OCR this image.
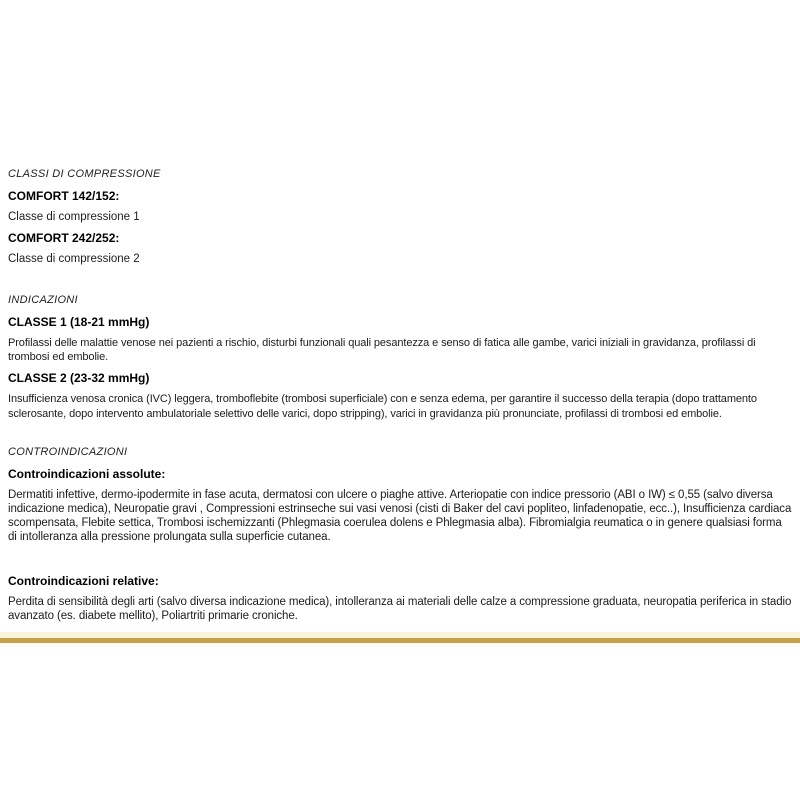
CLASSI DI COMPRESSIONE
COMFORT 142/152:
Classe di compressione 1
COMFORT 242/252:
Classe di compressione 2
INDICAZIONI
CLASSE 1 (18-21 mmHg)
Profilassi delle malattie venose nei pazienti a rischio, disturbi funzionali quali pesantezza e senso di fatica alle gambe, varici iniziali in gravidanza, profilassi di trombosi ed embolie.
CLASSE 2 (23-32 mmHg)
Insufficienza venosa cronica (IVC) leggera, tromboflebite (trombosi superficiale) con e senza edema, per garantire il successo della terapia (dopo trattamento sclerosante, dopo intervento ambulatoriale selettivo delle varici, dopo stripping), varici in gravidanza più pronunciate, profilassi di trombosi ed embolie.
CONTROINDICAZIONI
Controindicazioni assolute:
Dermatiti infettive, dermo-ipodermite in fase acuta, dermatosi con ulcere o piaghe attive. Arteriopatie con indice pressorio (ABI o IW) ≤ 0,55 (salvo diversa indicazione medica), Neuropatie gravi , Compressioni estrinseche sui vasi venosi (cisti di Baker del cavi popliteo, linfadenopatie, ecc..), Insufficienza cardiaca scompensata, Flebite settica, Trombosi ischemizzanti (Phlegmasia coerulea dolens e Phlegmasia alba). Fibromialgia reumatica o in genere qualsiasi forma di intolleranza alla pressione prolungata sulla superficie cutanea.
Controindicazioni relative:
Perdita di sensibilità degli arti (salvo diversa indicazione medica), intolleranza ai materiali delle calze a compressione graduata, neuropatia periferica in stadio avanzato (es. diabete mellito), Poliartriti primarie croniche.
